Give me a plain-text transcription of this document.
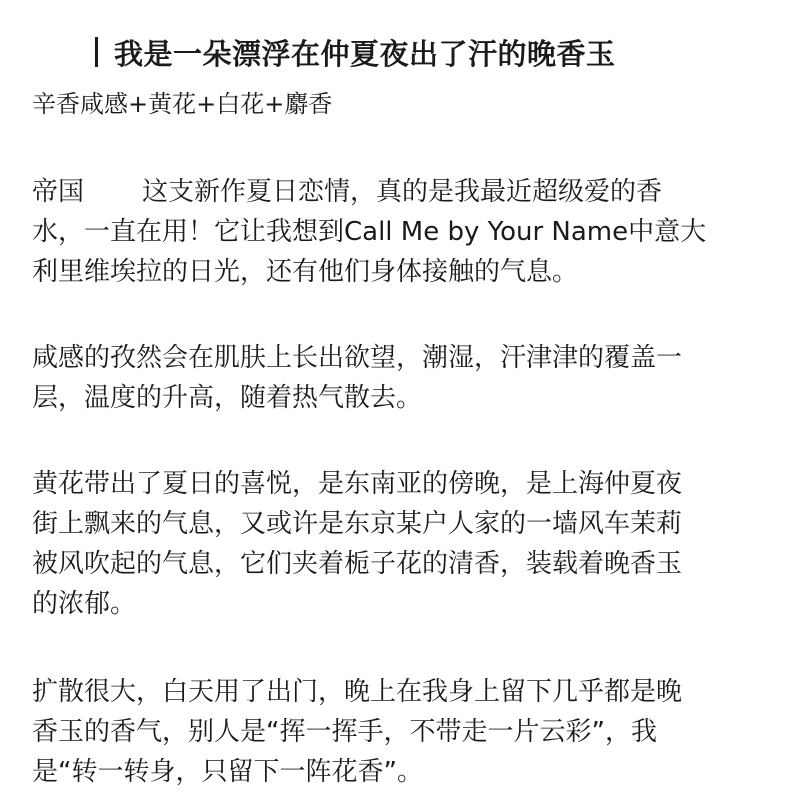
我是一朵漂浮在仲夏夜出了汗的晚香玉
辛香咸感+黄花+白花+麝香
帝国 这支新作夏日恋情，真的是我最近超级爱的香
水，一直在用！它让我想到Call Me by Your Name中意大
利里维埃拉的日光，还有他们身体接触的气息。
咸感的孜然会在肌肤上长出欲望，潮湿，汗津津的覆盖一
层，温度的升高，随着热气散去。
黄花带出了夏日的喜悦，是东南亚的傍晚，是上海仲夏夜
街上飘来的气息，又或许是东京某户人家的一墙风车茉莉
被风吹起的气息，它们夹着栀子花的清香，装载着晚香玉
的浓郁。
扩散很大，白天用了出门，晚上在我身上留下几乎都是晚
香玉的香气，别人是“挥一挥手，不带走一片云彩”，我
是“转一转身，只留下一阵花香”。
